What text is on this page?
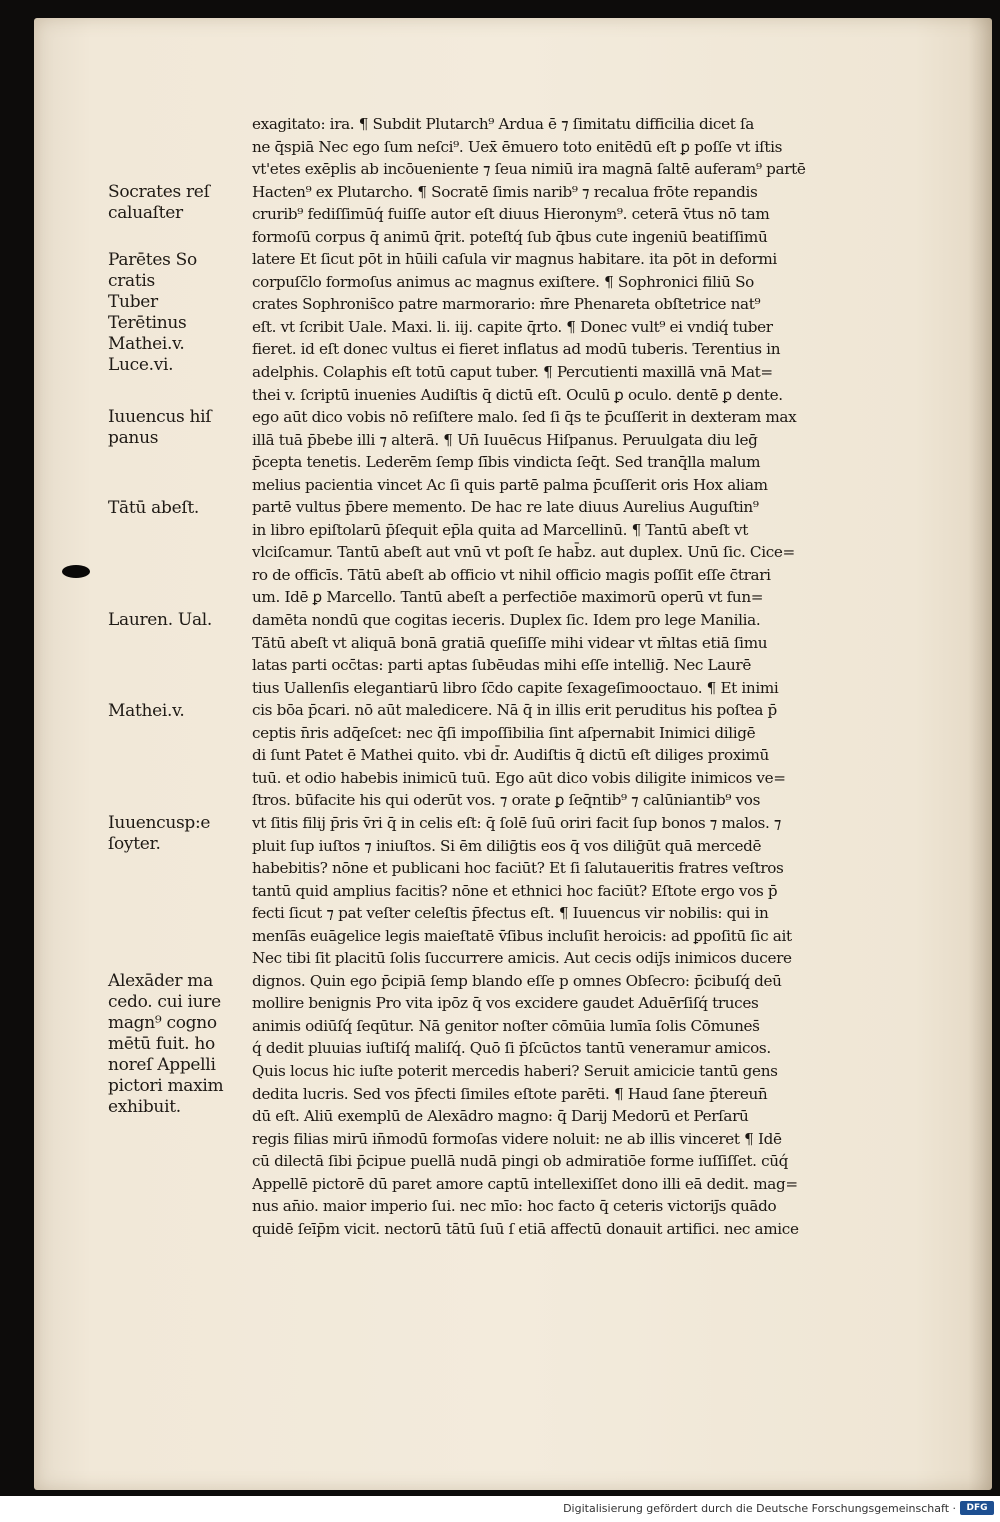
Socrates reſ
caluaſter
Parētes So
cratis
Tuber
Terētinus
Mathei.v.
Luce.vi.
Iuuencus hiſ
panus
Tātū abeſt.
Lauren. Ual.
Mathei.v.
Iuuencusp:e
ſoyter.
Alexāder ma
cedo. cui iure
magn⁹ cogno
mētū fuit. ho
noreſ Appelli
pictori maxim
exhibuit.
exagitato: ira. ¶ Subdit Plutarch⁹ Ardua ē ⁊ ſimitatu difficilia dicet ſa
ne q̄spiā Nec ego ſum neſci⁹. Uex̄ ēmuero toto enitēdū eſt ꝑ poſſe vt iſtis
vt'etes exēplis ab incōueniente ⁊ ſeua nimiū ira magnā ſaltē auferam⁹ partē
Hacten⁹ ex Plutarcho. ¶ Socratē ſimis narib⁹ ⁊ recalua frōte repandis
crurib⁹ fediſſimūq́ fuiſſe autor eſt diuus Hieronym⁹. ceterā v̄tus nō tam
formoſū corpus q̄ animū q̄rit. poteſtq́ ſub q̄bus cute ingeniū beatiſſimū
latere Et ſicut pōt in hūili caſula vir magnus habitare. ita pōt in deformi
corpuſc̄lo formoſus animus ac magnus exiſtere. ¶ Sophronici filiū So
crates Sophronis̄co patre marmorario: m̄re Phenareta obſtetrice nat⁹
eſt. vt ſcribit Uale. Maxi. li. iij. capite q̄rto. ¶ Donec vult⁹ ei vndiq́ tuber
fieret. id eſt donec vultus ei fieret inflatus ad modū tuberis. Terentius in
adelphis. Colaphis eſt totū caput tuber. ¶ Percutienti maxillā vnā Mat=
thei v. ſcriptū inuenies Audiſtis q̄ dictū eſt. Oculū ꝑ oculo. dentē ꝑ dente.
ego aūt dico vobis nō reſiſtere malo. ſed ſi q̄s te p̄cuſſerit in dexteram max
illā tuā p̄bebe illi ⁊ alterā. ¶ Un̄ Iuuēcus Hiſpanus. Peruulgata diu leḡ
p̄cepta tenetis. Lederēm ſemp ſībis vindicta ſeq̄t. Sed tranq̄lla malum
melius pacientia vincet Ac ſi quis partē palma p̄cuſſerit oris Hox aliam
partē vultus p̄bere memento. De hac re late diuus Aurelius Auguſtin⁹
in libro epiſtolarū p̄ſequit ep̄la quita ad Marcellinū. ¶ Tantū abeſt vt
vlciſcamur. Tantū abeſt aut vnū vt poſt ſe hab̄z. aut duplex. Unū ſic. Cice=
ro de officīs. Tātū abeſt ab officio vt nihil officio magis poſſit eſſe c̄trari
um. Idē ꝑ Marcello. Tantū abeſt a perfectiōe maximorū operū vt fun=
damēta nondū que cogitas ieceris. Duplex ſic. Idem pro lege Manilia.
Tātū abeſt vt aliquā bonā gratiā queſiſſe mihi videar vt m̄ltas etiā ſimu
latas parti occ̄tas: parti aptas ſubēudas mihi eſſe intelliḡ. Nec Laurē
tius Uallenſis elegantiarū libro ſc̄do capite ſexageſimooctauo. ¶ Et inimi
cis bōa p̄cari. nō aūt maledicere. Nā q̄ in illis erit peruditus his poſtea p̄
ceptis n̄ris adq̄eſcet: nec q̄ſi impoſſibilia ſint aſpernabit Inimici diligē
di ſunt Patet ē Mathei quito. vbi d̄r. Audiſtis q̄ dictū eſt diliges proximū
tuū. et odio habebis inimicū tuū. Ego aūt dico vobis diligite inimicos ve=
ſtros. būfacite his qui oderūt vos. ⁊ orate ꝑ ſeq̄ntib⁹ ⁊ calūniantib⁹ vos
vt ſitis filij p̄ris v̄ri q̄ in celis eſt: q̄ ſolē ſuū oriri facit ſup bonos ⁊ malos. ⁊
pluit ſup iuſtos ⁊ iniuſtos. Si ēm diliḡtis eos q̄ vos diliḡūt quā mercedē
habebitis? nōne et publicani hoc faciūt? Et ſi ſalutaueritis fratres veſtros
tantū quid amplius facitis? nōne et ethnici hoc faciūt? Eſtote ergo vos p̄
fecti ſicut ⁊ pat veſter celeſtis p̄fectus eſt. ¶ Iuuencus vir nobilis: qui in
menſās euāgelice legis maieſtatē v̄ſibus incluſit heroicis: ad ꝑpoſitū ſic ait
Nec tibi ſit placitū ſolis ſuccurrere amicis. Aut cecis odij̄s inimicos ducere
dignos. Quin ego p̄cipiā ſemp blando eſſe p omnes Obſecro: p̄cibuſq́ deū
mollire benignis Pro vita ipōz q̄ vos excidere gaudet Aduērſiſq́ truces
animis odiūſq́ ſeqūtur. Nā genitor noſter cōmūia lumīa ſolis Cōmunes̄
q́ dedit pluuias iuſtiſq́ maliſq́. Quō ſi p̄ſcūctos tantū veneramur amicos.
Quis locus hic iuſte poterit mercedis haberi? Seruit amicicie tantū gens
dedita lucris. Sed vos p̄fecti ſimiles eſtote parēti. ¶ Haud ſane p̄tereun̄
dū eſt. Aliū exemplū de Alexādro magno: q̄ Darij Medorū et Perſarū
regis filias mirū in̄modū formoſas videre noluit: ne ab illis vinceret ¶ Idē
cū dilectā ſibi p̄cipue puellā nudā pingi ob admiratiōe forme iuſſiſſet. cūq́
Appellē pictorē dū paret amore captū intellexiſſet dono illi eā dedit. mag=
nus an̄io. maior imperio ſui. nec mīo: hoc facto q̄ ceteris victorij̄s quādo
quidē ſeīp̄m vicit. nectorū tātū ſuū ſ etiā affectū donauit artifici. nec amice
Digitalisierung gefördert durch die Deutsche Forschungsgemeinschaft ·	DFG
